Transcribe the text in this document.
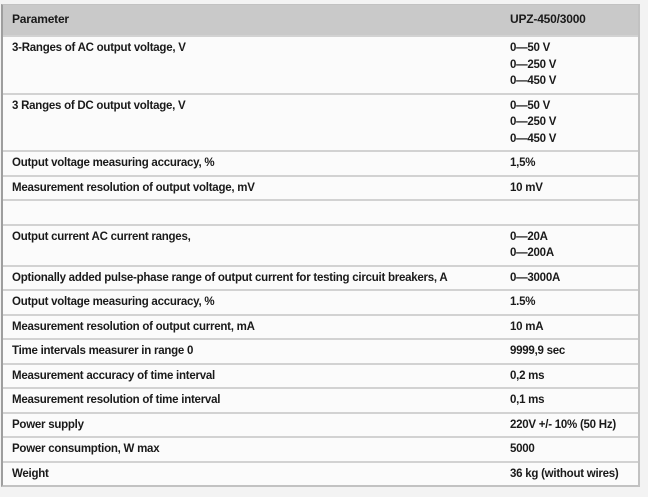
Parameter	UPZ-450/3000
3-Ranges of AC output voltage, V	0—50 V
0—250 V
0—450 V
3 Ranges of DC output voltage, V	0—50 V
0—250 V
0—450 V
Output voltage measuring accuracy, %	1,5%
Measurement resolution of output voltage, mV	10 mV
Output current AC current ranges,	0—20A
0—200A
Optionally added pulse-phase range of output current for testing circuit breakers, A	0—3000A
Output voltage measuring accuracy, %	1.5%
Measurement resolution of output current, mA	10 mA
Time intervals measurer in range 0	9999,9 sec
Measurement accuracy of time interval	0,2 ms
Measurement resolution of time interval	0,1 ms
Power supply	220V +/- 10% (50 Hz)
Power consumption, W max	5000
Weight	36 kg (without wires)
